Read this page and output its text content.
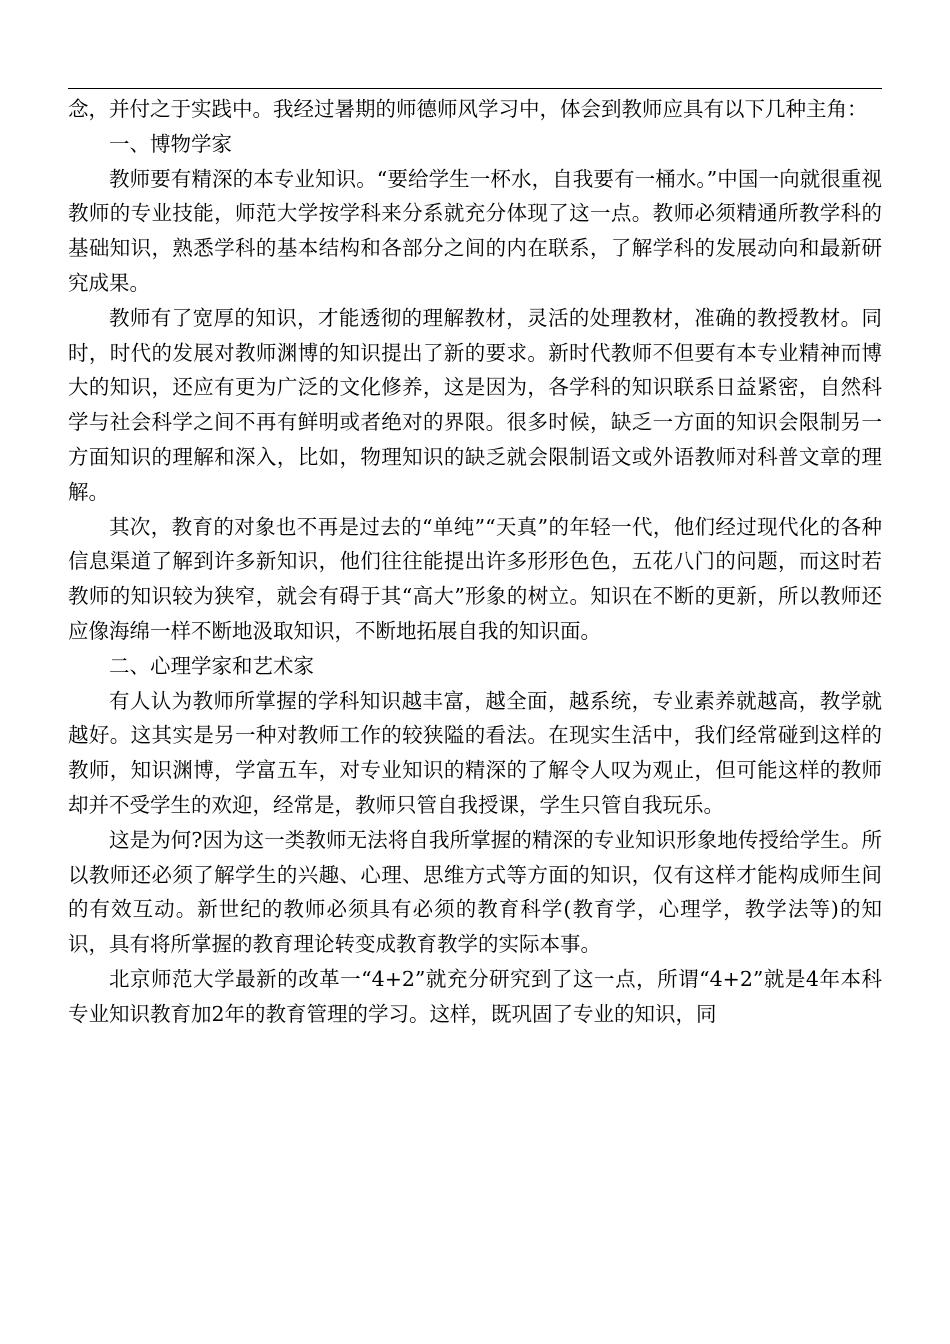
念，并付之于实践中。我经过暑期的师德师风学习中，体会到教师应具有以下几种主角：

一、博物学家

教师要有精深的本专业知识。“要给学生一杯水，自我要有一桶水。”中国一向就很重视教师的专业技能，师范大学按学科来分系就充分体现了这一点。教师必须精通所教学科的基础知识，熟悉学科的基本结构和各部分之间的内在联系，了解学科的发展动向和最新研究成果。

教师有了宽厚的知识，才能透彻的理解教材，灵活的处理教材，准确的教授教材。同时，时代的发展对教师渊博的知识提出了新的要求。新时代教师不但要有本专业精神而博大的知识，还应有更为广泛的文化修养，这是因为，各学科的知识联系日益紧密，自然科学与社会科学之间不再有鲜明或者绝对的界限。很多时候，缺乏一方面的知识会限制另一方面知识的理解和深入，比如，物理知识的缺乏就会限制语文或外语教师对科普文章的理解。

其次，教育的对象也不再是过去的“单纯”“天真”的年轻一代，他们经过现代化的各种信息渠道了解到许多新知识，他们往往能提出许多形形色色，五花八门的问题，而这时若教师的知识较为狭窄，就会有碍于其“高大”形象的树立。知识在不断的更新，所以教师还应像海绵一样不断地汲取知识，不断地拓展自我的知识面。

二、心理学家和艺术家

有人认为教师所掌握的学科知识越丰富，越全面，越系统，专业素养就越高，教学就越好。这其实是另一种对教师工作的较狭隘的看法。在现实生活中，我们经常碰到这样的教师，知识渊博，学富五车，对专业知识的精深的了解令人叹为观止，但可能这样的教师却并不受学生的欢迎，经常是，教师只管自我授课，学生只管自我玩乐。

这是为何?因为这一类教师无法将自我所掌握的精深的专业知识形象地传授给学生。所以教师还必须了解学生的兴趣、心理、思维方式等方面的知识，仅有这样才能构成师生间的有效互动。新世纪的教师必须具有必须的教育科学(教育学，心理学，教学法等)的知识，具有将所掌握的教育理论转变成教育教学的实际本事。

北京师范大学最新的改革一“4+2”就充分研究到了这一点，所谓“4+2”就是4年本科专业知识教育加2年的教育管理的学习。这样，既巩固了专业的知识，同
